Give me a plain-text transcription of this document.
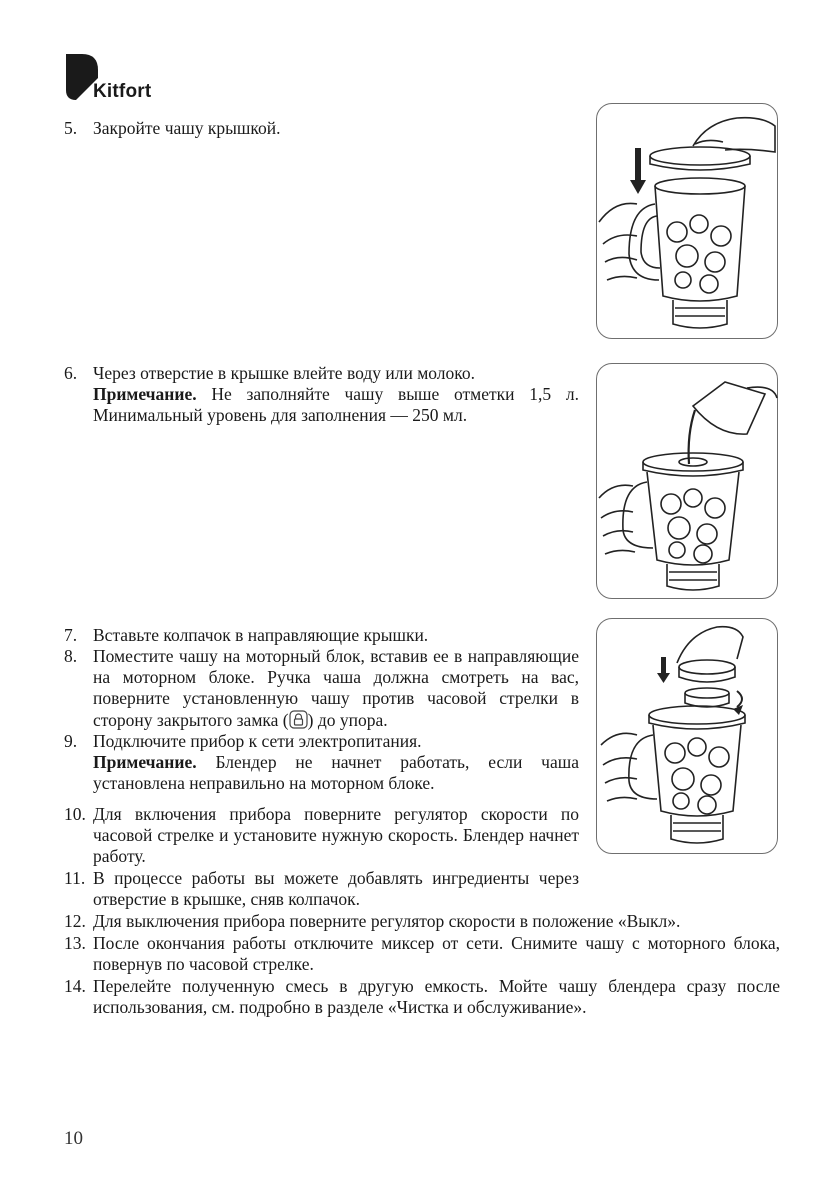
Kitfort
5. Закройте чашу крышкой.
6. Через отверстие в крышке влейте воду или молоко.
Примечание. Не заполняйте чашу выше отметки 1,5 л. Минимальный уровень для заполнения — 250 мл.
7. Вставьте колпачок в направляющие крышки.
8. Поместите чашу на моторный блок, вставив ее в направляющие на моторном блоке. Ручка чаша должна смотреть на вас, поверните установленную чашу против часовой стрелки в сторону закрытого замка ( ) до упора.
9. Подключите прибор к сети электропитания.
Примечание. Блендер не начнет работать, если чаша установлена неправильно на моторном блоке.
10. Для включения прибора поверните регулятор скорости по часовой стрелке и установите нужную скорость. Блендер начнет работу.
11. В процессе работы вы можете добавлять ингредиенты через отверстие в крышке, сняв колпачок.
12. Для выключения прибора поверните регулятор скорости в положение «Выкл».
13. После окончания работы отключите миксер от сети. Снимите чашу с моторного блока, повернув по часовой стрелке.
14. Перелейте полученную смесь в другую емкость. Мойте чашу блендера сразу после использования, см. подробно в разделе «Чистка и обслуживание».
10
